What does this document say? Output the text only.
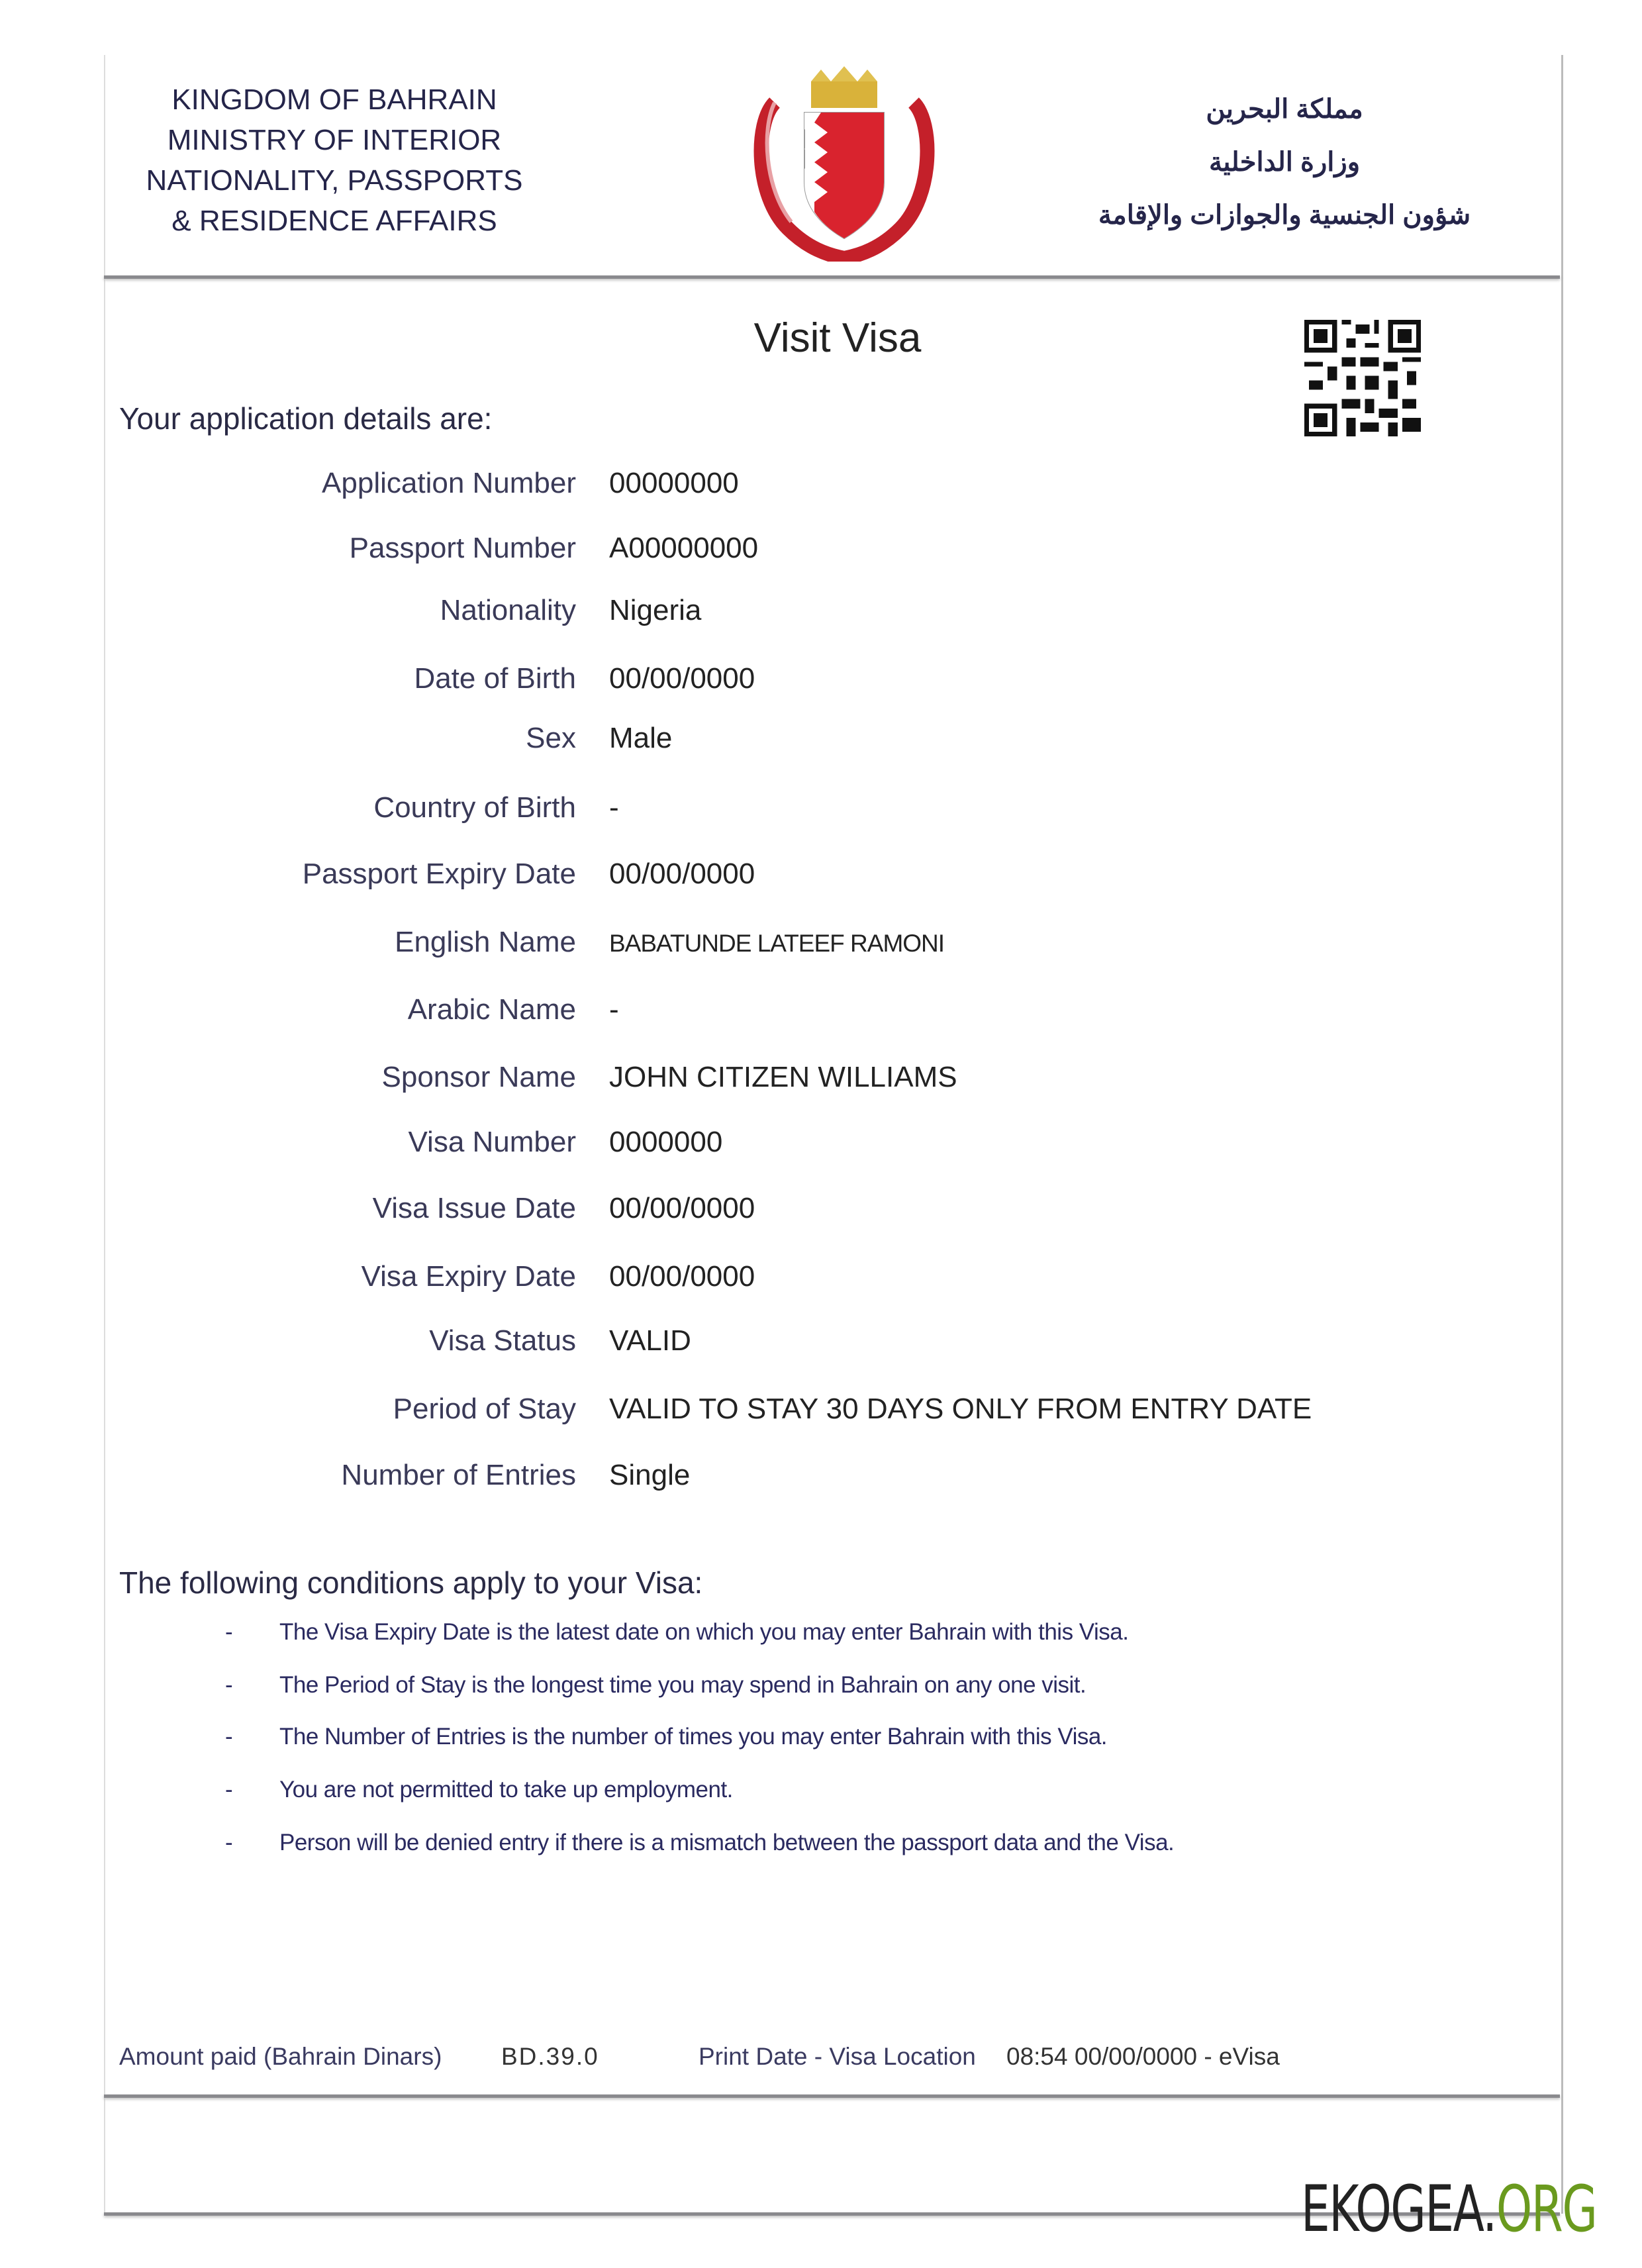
KINGDOM OF BAHRAIN
MINISTRY OF INTERIOR
NATIONALITY, PASSPORTS
& RESIDENCE AFFAIRS
مملكة البحرين
وزارة الداخلية
شؤون الجنسية والجوازات والإقامة
Visit Visa
Your application details are:
Application Number 00000000
Passport Number A00000000
Nationality Nigeria
Date of Birth 00/00/0000
Sex Male
Country of Birth -
Passport Expiry Date 00/00/0000
English Name BABATUNDE LATEEF RAMONI
Arabic Name -
Sponsor Name JOHN CITIZEN WILLIAMS
Visa Number 0000000
Visa Issue Date 00/00/0000
Visa Expiry Date 00/00/0000
Visa Status VALID
Period of Stay VALID TO STAY 30 DAYS ONLY FROM ENTRY DATE
Number of Entries Single
The following conditions apply to your Visa:
- The Visa Expiry Date is the latest date on which you may enter Bahrain with this Visa.
- The Period of Stay is the longest time you may spend in Bahrain on any one visit.
- The Number of Entries is the number of times you may enter Bahrain with this Visa.
- You are not permitted to take up employment.
- Person will be denied entry if there is a mismatch between the passport data and the Visa.
Amount paid (Bahrain Dinars) BD.39.0	Print Date - Visa Location 08:54 00/00/0000 - eVisa
EKOGEA.ORG
